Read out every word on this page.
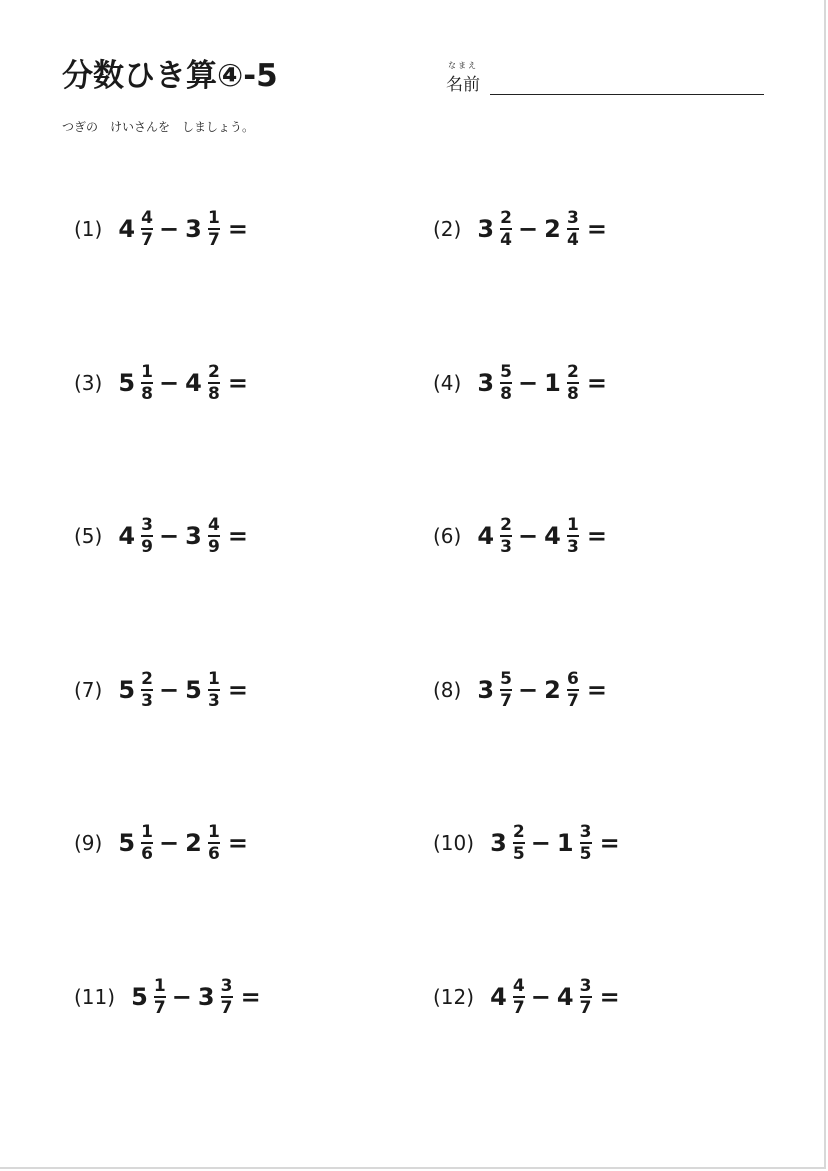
分数ひき算④-5	なまえ
名前
つぎの　けいさんを　しましょう。
(1) $4 \frac{4}{7} - 3 \frac{1}{7}$ =	(2) $3 \frac{2}{4} - 2 \frac{3}{4}$ =
(3) $5 \frac{1}{8} - 4 \frac{2}{8}$ =	(4) $3 \frac{5}{8} - 1 \frac{2}{8}$ =
(5) $4 \frac{3}{9} - 3 \frac{4}{9}$ =	(6) $4 \frac{2}{3} - 4 \frac{1}{3}$ =
(7) $5 \frac{2}{3} - 5 \frac{1}{3}$ =	(8) $3 \frac{5}{7} - 2 \frac{6}{7}$ =
(9) $5 \frac{1}{6} - 2 \frac{1}{6}$ =	(10) $3 \frac{2}{5} - 1 \frac{3}{5}$ =
(11) $5 \frac{1}{7} - 3 \frac{3}{7}$ =	(12) $4 \frac{4}{7} - 4 \frac{3}{7}$ =
